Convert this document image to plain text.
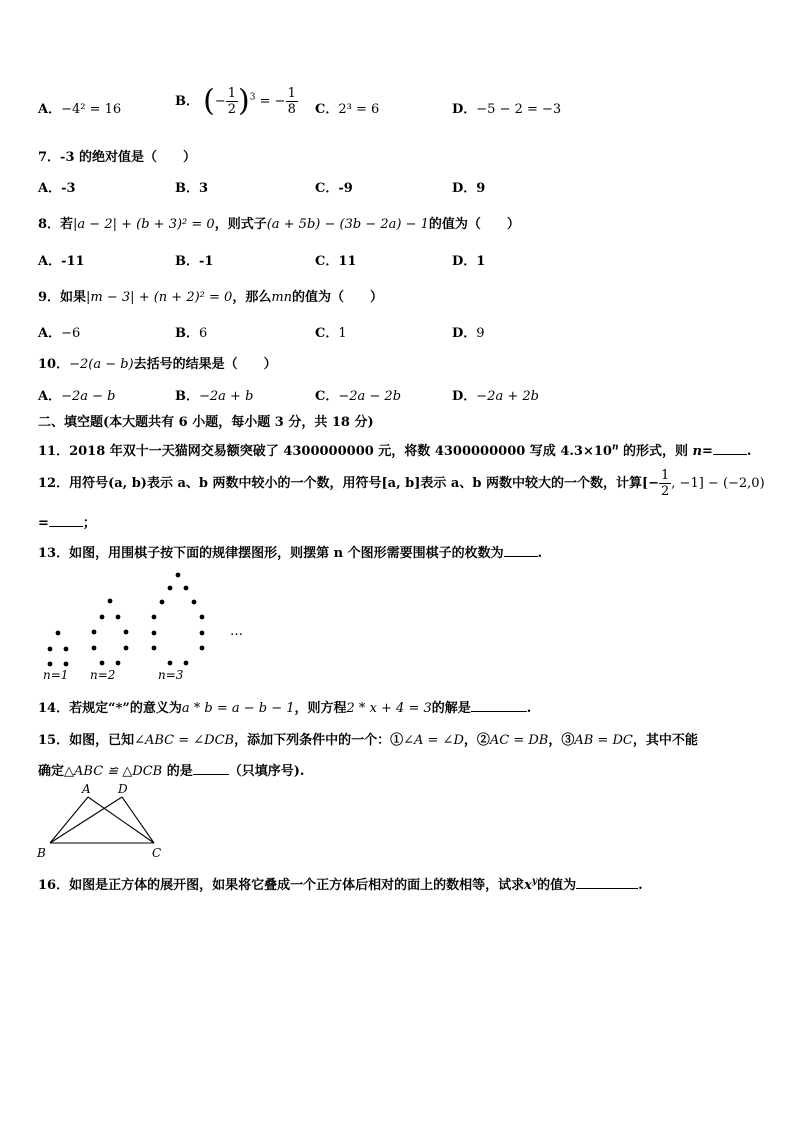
A．−4² = 16
B． (− $\frac{1}{2} )^3$ = − $\frac{1}{8}$ C．2³ = 6	D．−5 − 2 = −3
7．-3 的绝对值是（　　）
A．-3	B．3	C．-9	D．9
8．若|a − 2| + (b + 3)² = 0，则式子(a + 5b) − (3b − 2a) − 1的值为（　　）
A．-11	B．-1	C．11	D．1
9．如果|m − 3| + (n + 2)² = 0，那么mn的值为（　　）
A．−6	B．6	C．1	D．9
10．−2(a − b)去括号的结果是（　　）
A．−2a − b	B．−2a + b	C．−2a − 2b	D．−2a + 2b
二、填空题(本大题共有 6 小题，每小题 3 分，共 18 分)
11．2018 年双十一天猫网交易额突破了 4300000000 元，将数 4300000000 写成 $4.3\times 10^n$ 的形式，则 n=	.
12．用符号(a, b)表示 a、b 两数中较小的一个数，用符号[a, b]表示 a、b 两数中较大的一个数，计算[− $\frac{1}{2}$ , −1] − (−2,0)
=	；
13．如图，用围棋子按下面的规律摆图形，则摆第 n 个图形需要围棋子的枚数为	.
…
n=1 n=2	n=3
14．若规定“*”的意义为a * b = a − b − 1，则方程2 * x + 4 = 3的解是	.
15．如图，已知∠ABC = ∠DCB，添加下列条件中的一个：①∠A = ∠D，②AC = DB，③AB = DC，其中不能
确定△ABC ≌ △DCB 的是	（只填序号).
A D
B	C
16．如图是正方体的展开图，如果将它叠成一个正方体后相对的面上的数相等，试求$x^y$的值为	.
